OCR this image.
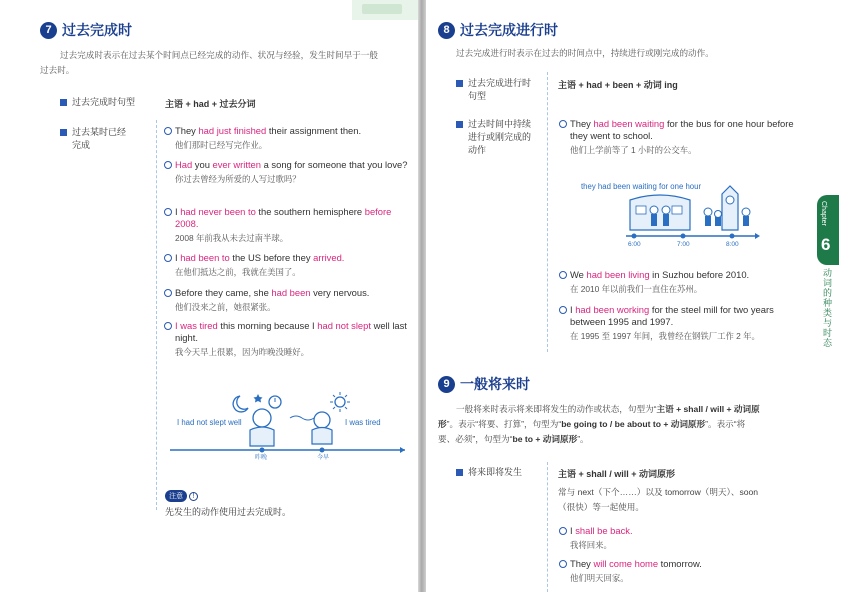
7 过去完成时
过去完成时表示在过去某个时间点已经完成的动作、状况与经验，发生时间早于一般
过去时。
过去完成时句型	主语 + had + 过去分词
过去某时已经
完成
They had just finished their assignment then.
他们那时已经写完作业。
Had you ever written a song for someone that you love?
你过去曾经为所爱的人写过歌吗？
I had never been to the southern hemisphere before 2008.
2008 年前我从未去过南半球。
I had been to the US before they arrived.
在他们抵达之前，我就在美国了。
Before they came, she had been very nervous.
他们没来之前，她很紧张。
I was tired this morning because I had not slept well last night.
我今天早上很累，因为昨晚没睡好。
I had not slept well	I was tired
昨晚	今早
注意	!
先发生的动作使用过去完成时。
8 过去完成进行时
过去完成进行时表示在过去的时间点中，持续进行或刚完成的动作。
过去完成进行时
句型
主语 + had + been + 动词 ing
过去时间中持续
进行或刚完成的
动作
They had been waiting for the bus for one hour before they went to school.
他们上学前等了 1 小时的公交车。
We had been living in Suzhou before 2010.
在 2010 年以前我们一直住在苏州。
I had been working for the steel mill for two years between 1995 and 1997.
在 1995 至 1997 年间，我曾经在钢铁厂工作 2 年。
they had been waiting for one hour
6:00	7:00	8:00
9 一般将来时
一般将来时表示将来即将发生的动作或状态，句型为“主语 + shall / will + 动词原
形”。表示“将要、打算”，句型为“be going to / be about to + 动词原形”。表示“将
要、必须”，句型为“be to + 动词原形”。
将来即将发生	主语 + shall / will + 动词原形
常与 next（下个……）以及 tomorrow（明天）、soon
（很快）等一起使用。
I shall be back.
我将回来。
They will come home tomorrow.
他们明天回家。
Chapter
6
动词的种类与时态
